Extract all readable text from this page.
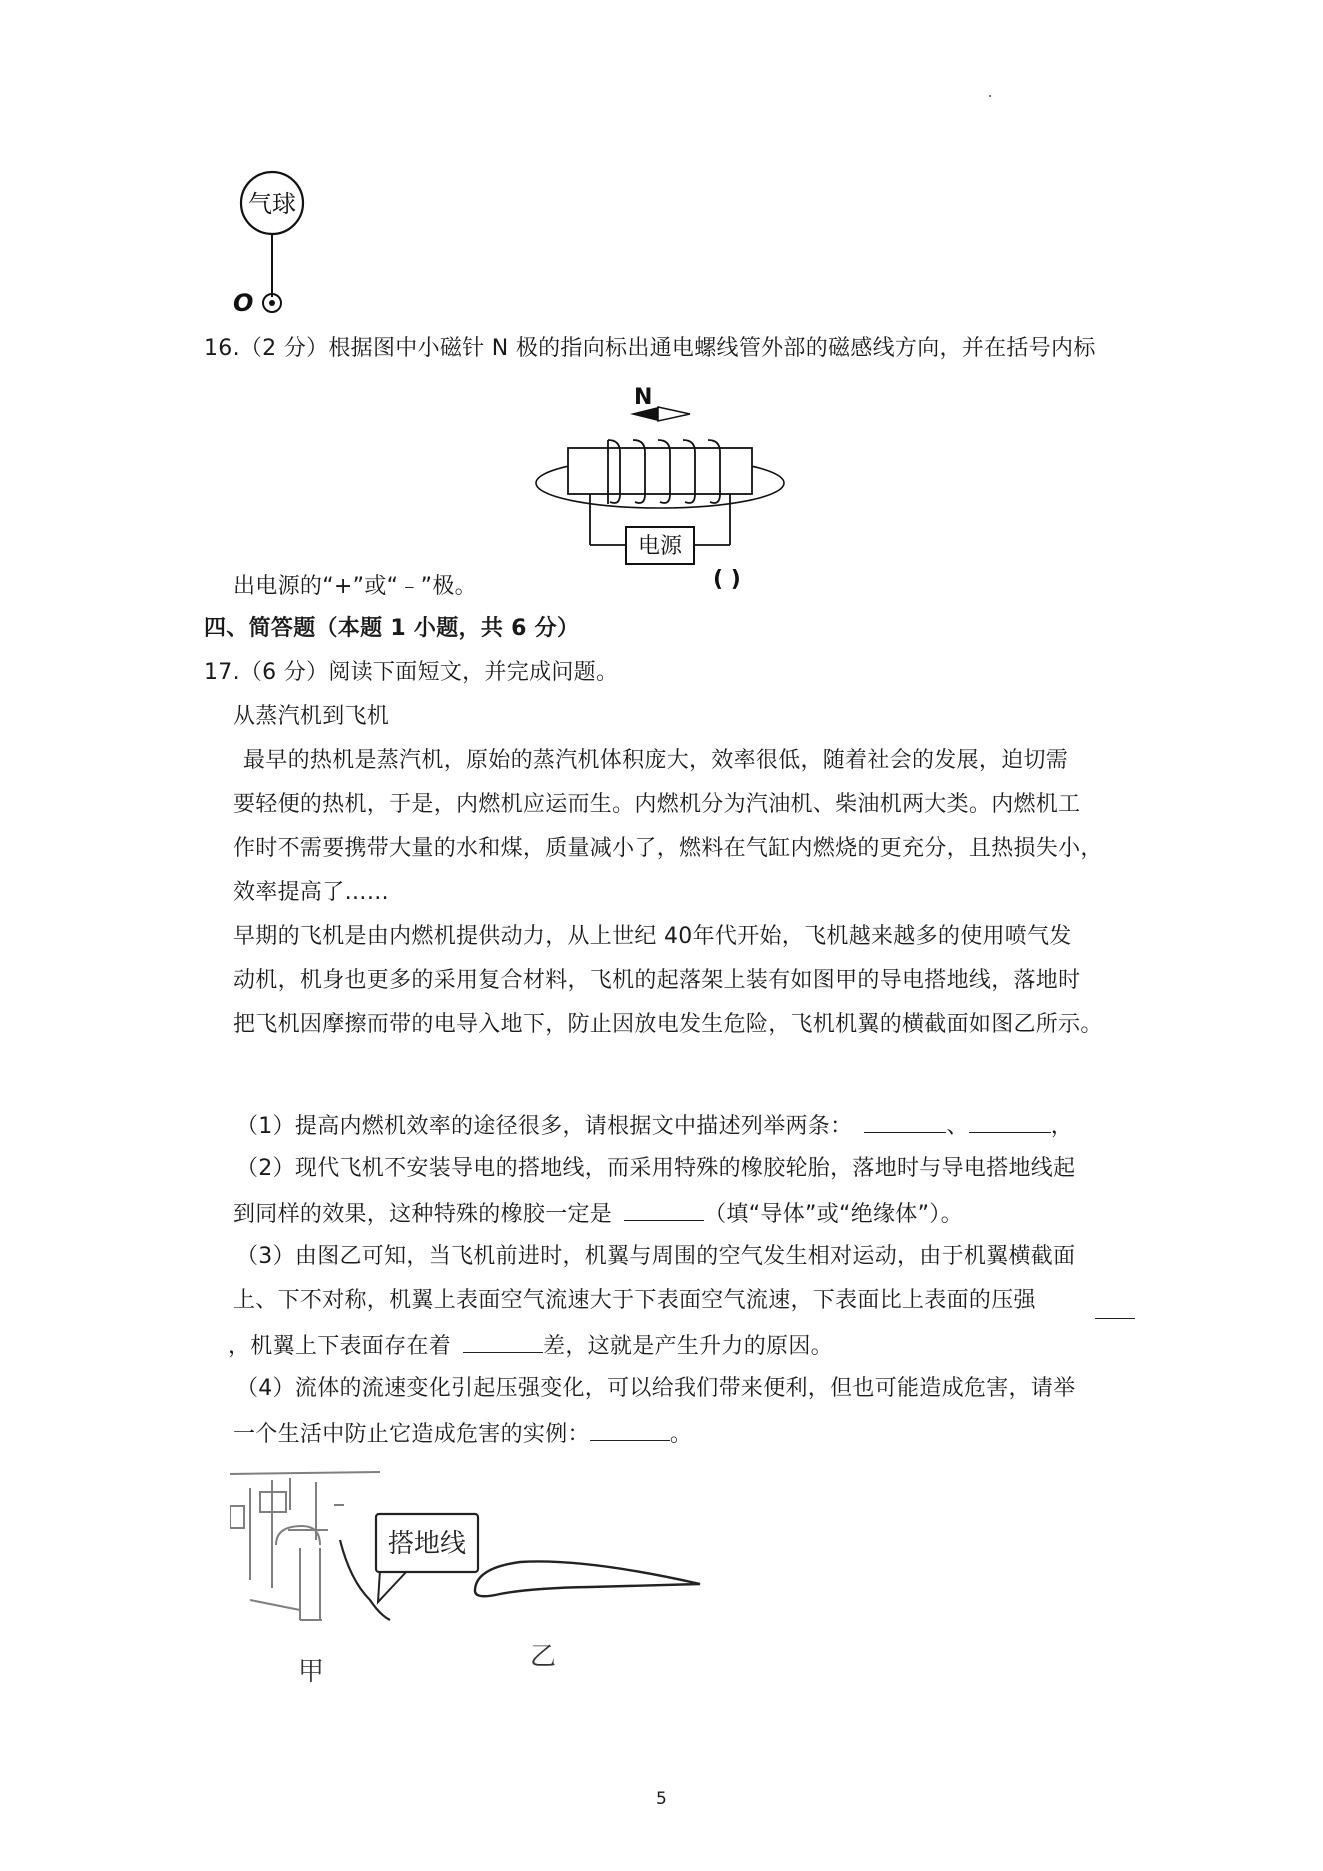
气球
O
16.（2 分）根据图中小磁针 N 极的指向标出通电螺线管外部的磁感线方向，并在括号内标
N
电源
( )
出电源的“+”或“﹣”极。
四、简答题（本题 1 小题，共 6 分）
17.（6 分）阅读下面短文，并完成问题。
从蒸汽机到飞机
最早的热机是蒸汽机，原始的蒸汽机体积庞大，效率很低，随着社会的发展，迫切需
要轻便的热机，于是，内燃机应运而生。内燃机分为汽油机、柴油机两大类。内燃机工
作时不需要携带大量的水和煤，质量减小了，燃料在气缸内燃烧的更充分，且热损失小，
效率提高了……
早期的飞机是由内燃机提供动力，从上世纪 40年代开始，飞机越来越多的使用喷气发
动机，机身也更多的采用复合材料，飞机的起落架上装有如图甲的导电搭地线，落地时
把飞机因摩擦而带的电导入地下，防止因放电发生危险，飞机机翼的横截面如图乙所示。
（1）提高内燃机效率的途径很多，请根据文中描述列举两条：	、	，
（2）现代飞机不安装导电的搭地线，而采用特殊的橡胶轮胎，落地时与导电搭地线起
到同样的效果，这种特殊的橡胶一定是	（填“导体”或“绝缘体”）。
（3）由图乙可知，当飞机前进时，机翼与周围的空气发生相对运动，由于机翼横截面
上、下不对称，机翼上表面空气流速大于下表面空气流速，下表面比上表面的压强
，机翼上下表面存在着	差，这就是产生升力的原因。
（4）流体的流速变化引起压强变化，可以给我们带来便利，但也可能造成危害，请举
一个生活中防止它造成危害的实例：	。
搭地线
甲	乙
5
